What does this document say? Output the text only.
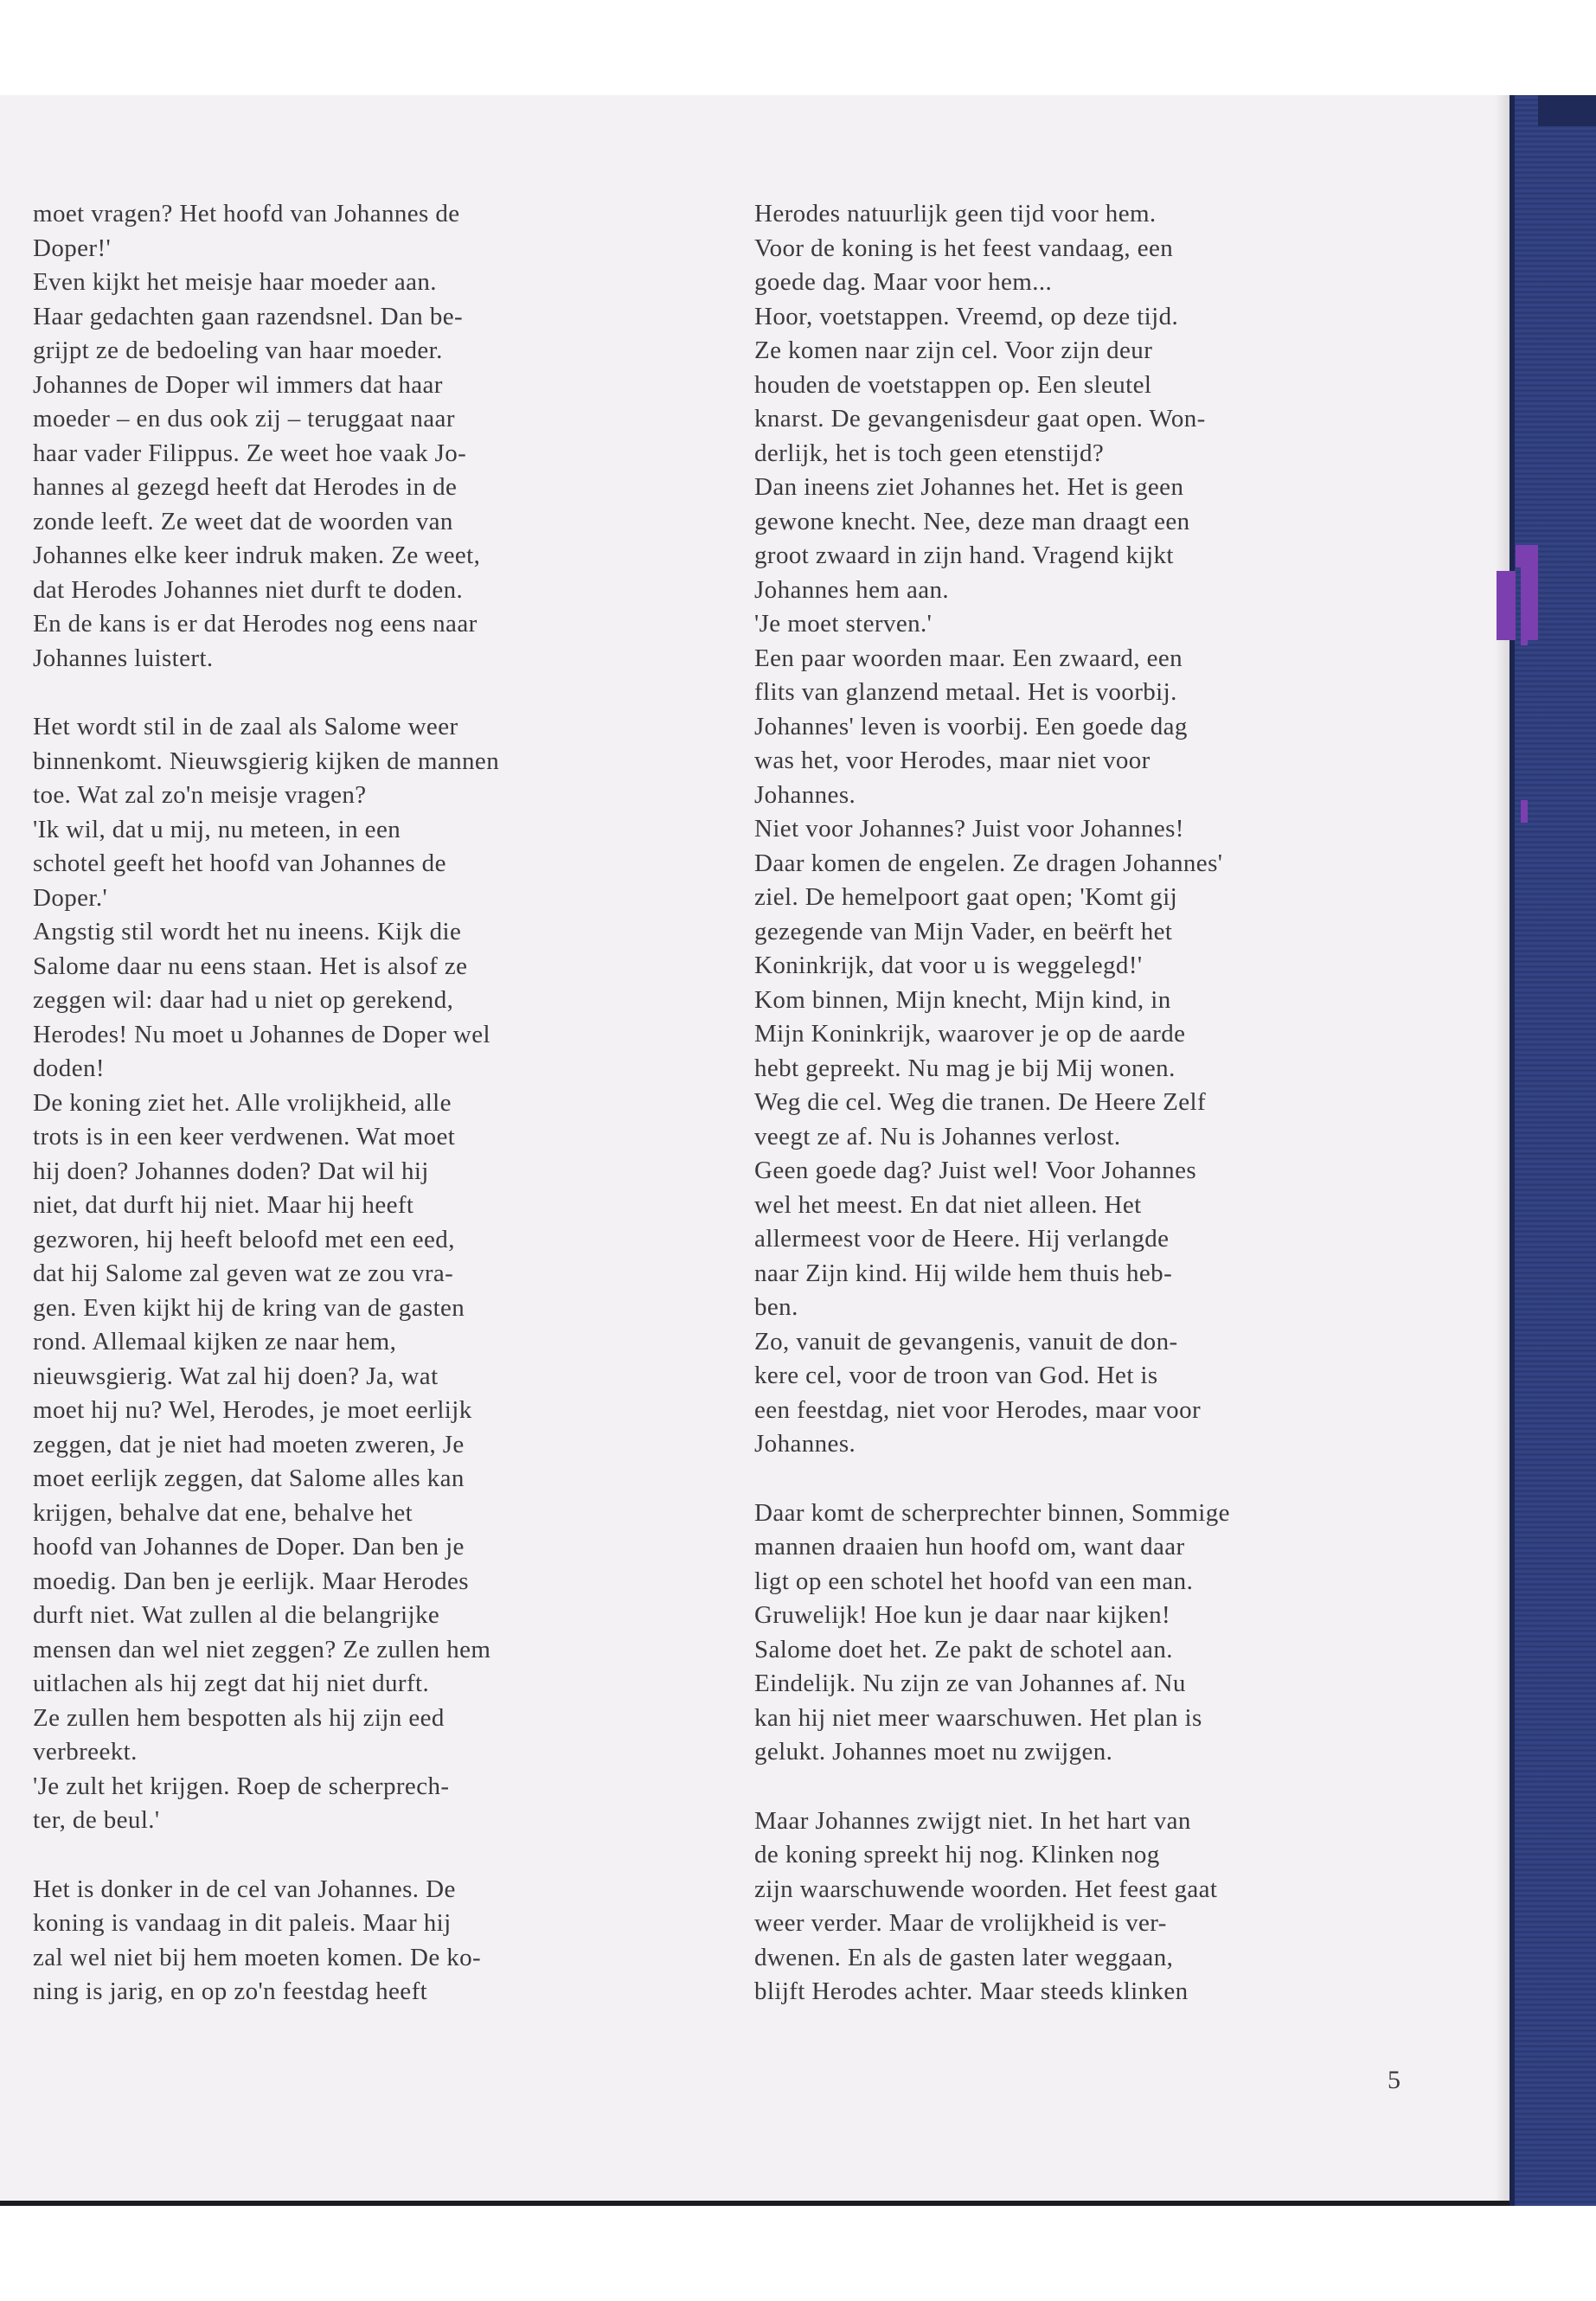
moet vragen? Het hoofd van Johannes de

Doper!'

Even kijkt het meisje haar moeder aan.

Haar gedachten gaan razendsnel. Dan be-

grijpt ze de bedoeling van haar moeder.

Johannes de Doper wil immers dat haar

moeder – en dus ook zij – teruggaat naar

haar vader Filippus. Ze weet hoe vaak Jo-

hannes al gezegd heeft dat Herodes in de

zonde leeft. Ze weet dat de woorden van

Johannes elke keer indruk maken. Ze weet,

dat Herodes Johannes niet durft te doden.

En de kans is er dat Herodes nog eens naar

Johannes luistert.

Het wordt stil in de zaal als Salome weer

binnenkomt. Nieuwsgierig kijken de mannen

toe. Wat zal zo'n meisje vragen?

'Ik wil, dat u mij, nu meteen, in een

schotel geeft het hoofd van Johannes de

Doper.'

Angstig stil wordt het nu ineens. Kijk die

Salome daar nu eens staan. Het is alsof ze

zeggen wil: daar had u niet op gerekend,

Herodes! Nu moet u Johannes de Doper wel

doden!

De koning ziet het. Alle vrolijkheid, alle

trots is in een keer verdwenen. Wat moet

hij doen? Johannes doden? Dat wil hij

niet, dat durft hij niet. Maar hij heeft

gezworen, hij heeft beloofd met een eed,

dat hij Salome zal geven wat ze zou vra-

gen. Even kijkt hij de kring van de gasten

rond. Allemaal kijken ze naar hem,

nieuwsgierig. Wat zal hij doen? Ja, wat

moet hij nu? Wel, Herodes, je moet eerlijk

zeggen, dat je niet had moeten zweren, Je

moet eerlijk zeggen, dat Salome alles kan

krijgen, behalve dat ene, behalve het

hoofd van Johannes de Doper. Dan ben je

moedig. Dan ben je eerlijk. Maar Herodes

durft niet. Wat zullen al die belangrijke

mensen dan wel niet zeggen? Ze zullen hem

uitlachen als hij zegt dat hij niet durft.

Ze zullen hem bespotten als hij zijn eed

verbreekt.

'Je zult het krijgen. Roep de scherprech-

ter, de beul.'

Het is donker in de cel van Johannes. De

koning is vandaag in dit paleis. Maar hij

zal wel niet bij hem moeten komen. De ko-

ning is jarig, en op zo'n feestdag heeft

Herodes natuurlijk geen tijd voor hem.

Voor de koning is het feest vandaag, een

goede dag. Maar voor hem...

Hoor, voetstappen. Vreemd, op deze tijd.

Ze komen naar zijn cel. Voor zijn deur

houden de voetstappen op. Een sleutel

knarst. De gevangenisdeur gaat open. Won-

derlijk, het is toch geen etenstijd?

Dan ineens ziet Johannes het. Het is geen

gewone knecht. Nee, deze man draagt een

groot zwaard in zijn hand. Vragend kijkt

Johannes hem aan.

'Je moet sterven.'

Een paar woorden maar. Een zwaard, een

flits van glanzend metaal. Het is voorbij.

Johannes' leven is voorbij. Een goede dag

was het, voor Herodes, maar niet voor

Johannes.

Niet voor Johannes? Juist voor Johannes!

Daar komen de engelen. Ze dragen Johannes'

ziel. De hemelpoort gaat open; 'Komt gij

gezegende van Mijn Vader, en beërft het

Koninkrijk, dat voor u is weggelegd!'

Kom binnen, Mijn knecht, Mijn kind, in

Mijn Koninkrijk, waarover je op de aarde

hebt gepreekt. Nu mag je bij Mij wonen.

Weg die cel. Weg die tranen. De Heere Zelf

veegt ze af. Nu is Johannes verlost.

Geen goede dag? Juist wel! Voor Johannes

wel het meest. En dat niet alleen. Het

allermeest voor de Heere. Hij verlangde

naar Zijn kind. Hij wilde hem thuis heb-

ben.

Zo, vanuit de gevangenis, vanuit de don-

kere cel, voor de troon van God. Het is

een feestdag, niet voor Herodes, maar voor

Johannes.

Daar komt de scherprechter binnen, Sommige

mannen draaien hun hoofd om, want daar

ligt op een schotel het hoofd van een man.

Gruwelijk! Hoe kun je daar naar kijken!

Salome doet het. Ze pakt de schotel aan.

Eindelijk. Nu zijn ze van Johannes af. Nu

kan hij niet meer waarschuwen. Het plan is

gelukt. Johannes moet nu zwijgen.

Maar Johannes zwijgt niet. In het hart van

de koning spreekt hij nog. Klinken nog

zijn waarschuwende woorden. Het feest gaat

weer verder. Maar de vrolijkheid is ver-

dwenen. En als de gasten later weggaan,

blijft Herodes achter. Maar steeds klinken

5
